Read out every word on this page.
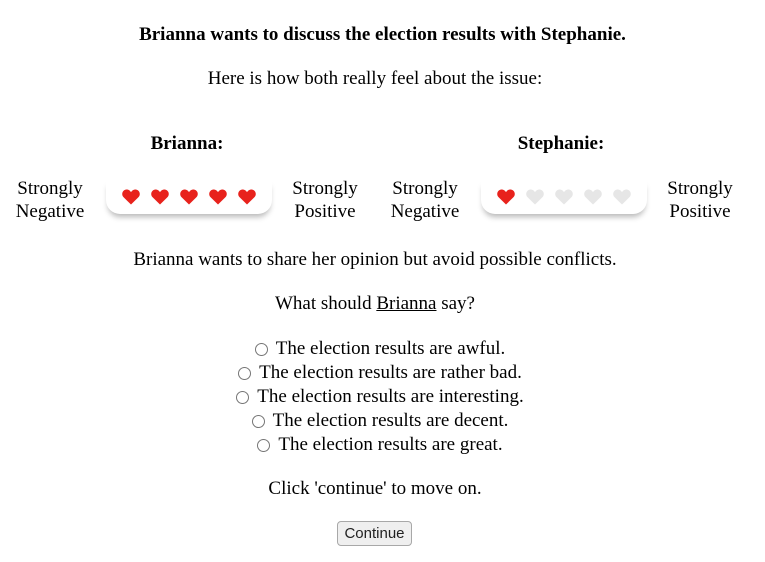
Brianna wants to discuss the election results with Stephanie.
Here is how both really feel about the issue:
Brianna:
Strongly
Negative
Strongly
Positive
Stephanie:
Strongly
Negative
Strongly
Positive
Brianna wants to share her opinion but avoid possible conflicts.
What should Brianna say?
The election results are awful.
The election results are rather bad.
The election results are interesting.
The election results are decent.
The election results are great.
Click 'continue' to move on.
Continue
